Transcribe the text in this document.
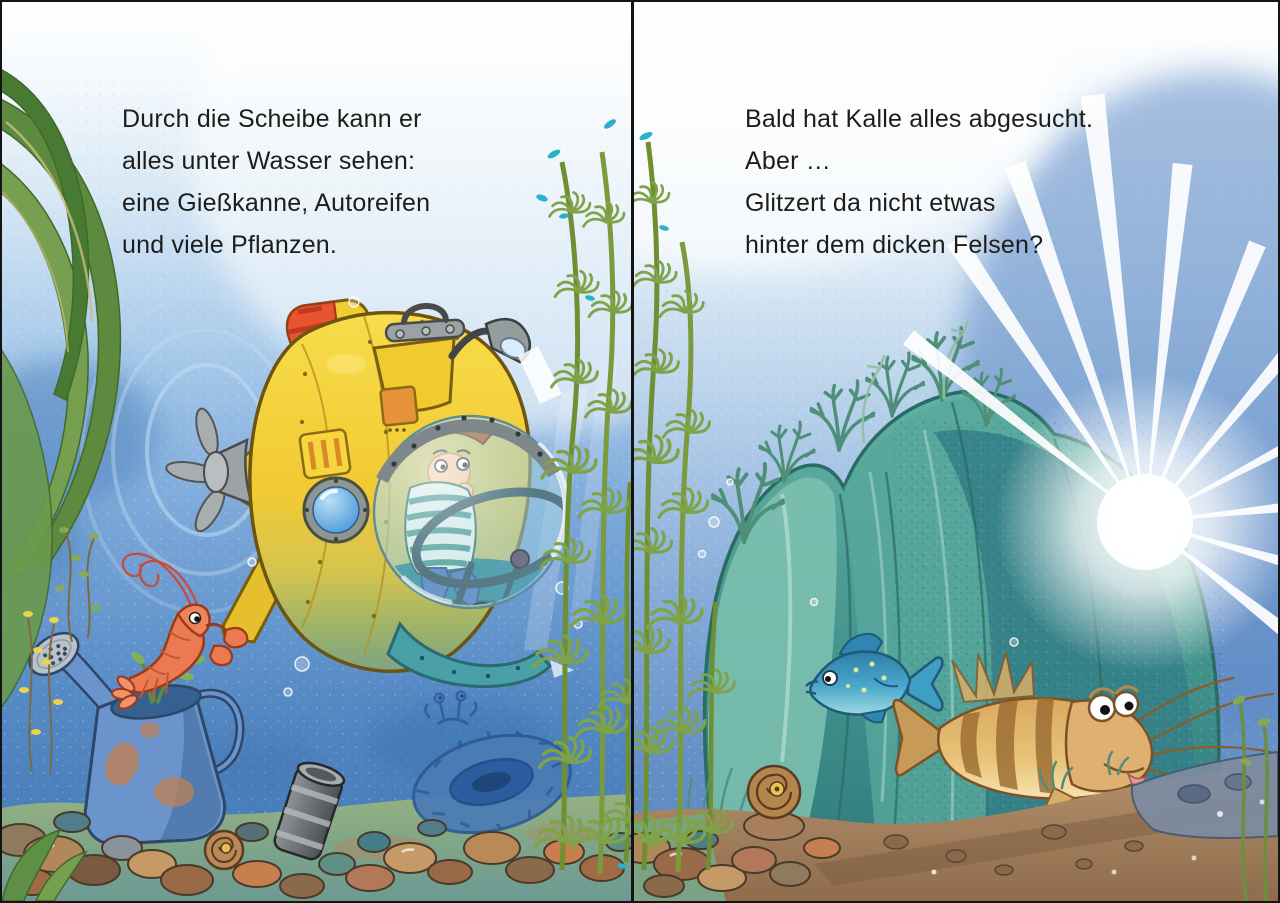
Durch die Scheibe kann er
alles unter Wasser sehen:
eine Gießkanne, Autoreifen
und viele Pflanzen.
Bald hat Kalle alles abgesucht.
Aber …
Glitzert da nicht etwas
hinter dem dicken Felsen?
